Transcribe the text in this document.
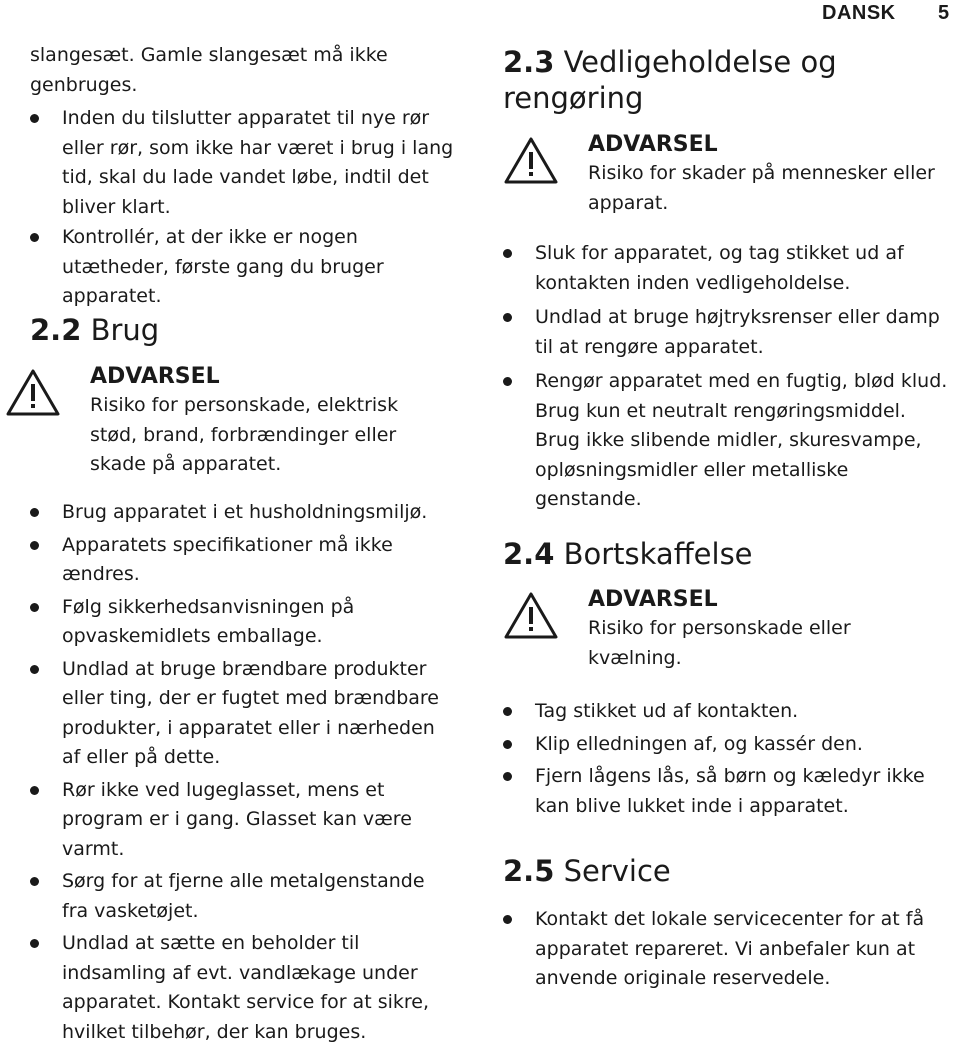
DANSK 5

slangesæt. Gamle slangesæt må ikke genbruges.

Inden du tilslutter apparatet til nye rør eller rør, som ikke har været i brug i lang tid, skal du lade vandet løbe, indtil det bliver klart.
Kontrollér, at der ikke er nogen utætheder, første gang du bruger apparatet.
2.2 Brug
ADVARSEL
Risiko for personskade, elektrisk stød, brand, forbrændinger eller skade på apparatet.
Brug apparatet i et husholdningsmiljø.
Apparatets specifikationer må ikke ændres.
Følg sikkerhedsanvisningen på opvaskemidlets emballage.
Undlad at bruge brændbare produkter eller ting, der er fugtet med brændbare produkter, i apparatet eller i nærheden af eller på dette.
Rør ikke ved lugeglasset, mens et program er i gang. Glasset kan være varmt.
Sørg for at fjerne alle metalgenstande fra vasketøjet.
Undlad at sætte en beholder til indsamling af evt. vandlækage under apparatet. Kontakt service for at sikre, hvilket tilbehør, der kan bruges.
2.3 Vedligeholdelse og rengøring
ADVARSEL
Risiko for skader på mennesker eller apparat.
Sluk for apparatet, og tag stikket ud af kontakten inden vedligeholdelse.
Undlad at bruge højtryksrenser eller damp til at rengøre apparatet.
Rengør apparatet med en fugtig, blød klud. Brug kun et neutralt rengøringsmiddel. Brug ikke slibende midler, skuresvampe, opløsningsmidler eller metalliske genstande.
2.4 Bortskaffelse
ADVARSEL
Risiko for personskade eller kvælning.
Tag stikket ud af kontakten.
Klip elledningen af, og kassér den.
Fjern lågens lås, så børn og kæledyr ikke kan blive lukket inde i apparatet.
2.5 Service
Kontakt det lokale servicecenter for at få apparatet repareret. Vi anbefaler kun at anvende originale reservedele.
